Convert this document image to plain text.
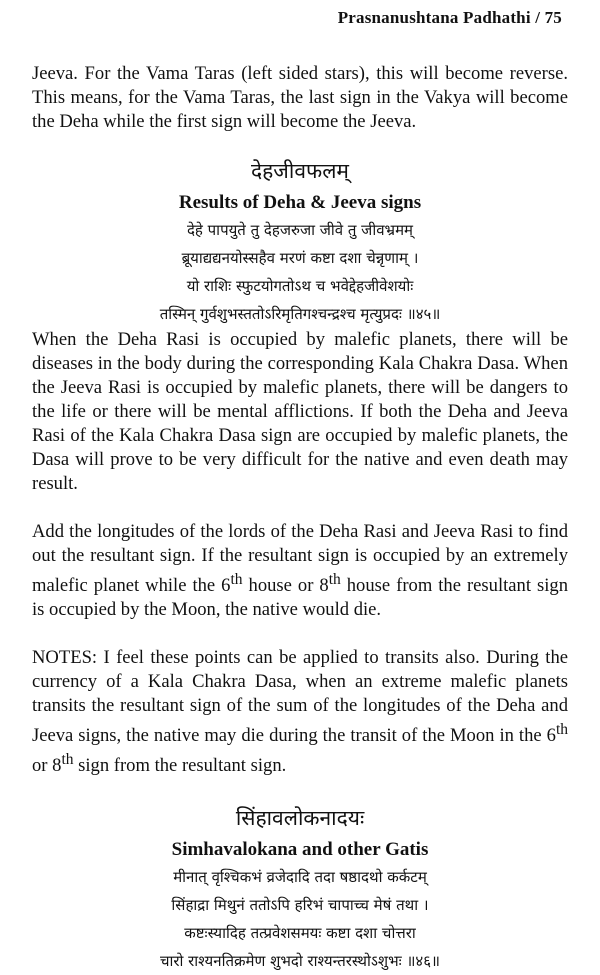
Prasnanushtana Padhathi / 75

Jeeva. For the Vama Taras (left sided stars), this will become reverse. This means, for the Vama Taras, the last sign in the Vakya will become the Deha while the first sign will become the Jeeva.

देहजीवफलम्
Results of Deha & Jeeva signs
देहे पापयुते तु देहजरुजा जीवे तु जीवभ्रमम्
ब्रूयाद्यद्यनयोस्सहैव मरणं कष्टा दशा चेन्नृणाम् ।
यो राशिः स्फुटयोगतोऽथ च भवेद्देहजीवेशयोः
तस्मिन् गुर्वशुभस्ततोऽरिमृतिगश्चन्द्रश्च मृत्युप्रदः ॥४५॥

When the Deha Rasi is occupied by malefic planets, there will be diseases in the body during the corresponding Kala Chakra Dasa. When the Jeeva Rasi is occupied by malefic planets, there will be dangers to the life or there will be mental afflictions. If both the Deha and Jeeva Rasi of the Kala Chakra Dasa sign are occupied by malefic planets, the Dasa will prove to be very difficult for the native and even death may result.

Add the longitudes of the lords of the Deha Rasi and Jeeva Rasi to find out the resultant sign. If the resultant sign is occupied by an extremely malefic planet while the 6th house or 8th house from the resultant sign is occupied by the Moon, the native would die.

NOTES: I feel these points can be applied to transits also. During the currency of a Kala Chakra Dasa, when an extreme malefic planets transits the resultant sign of the sum of the longitudes of the Deha and Jeeva signs, the native may die during the transit of the Moon in the 6th or 8th sign from the resultant sign.

सिंहावलोकनादयः
Simhavalokana and other Gatis
मीनात् वृश्चिकभं व्रजेदादि तदा षष्ठादथो कर्कटम्
सिंहाद्रा मिथुनं ततोऽपि हरिभं चापाच्च मेषं तथा ।
कष्टःस्यादिह तत्प्रवेशसमयः कष्टा दशा चोत्तरा
चारो राश्यनतिक्रमेण शुभदो राश्यन्तरस्थोऽशुभः ॥४६॥
